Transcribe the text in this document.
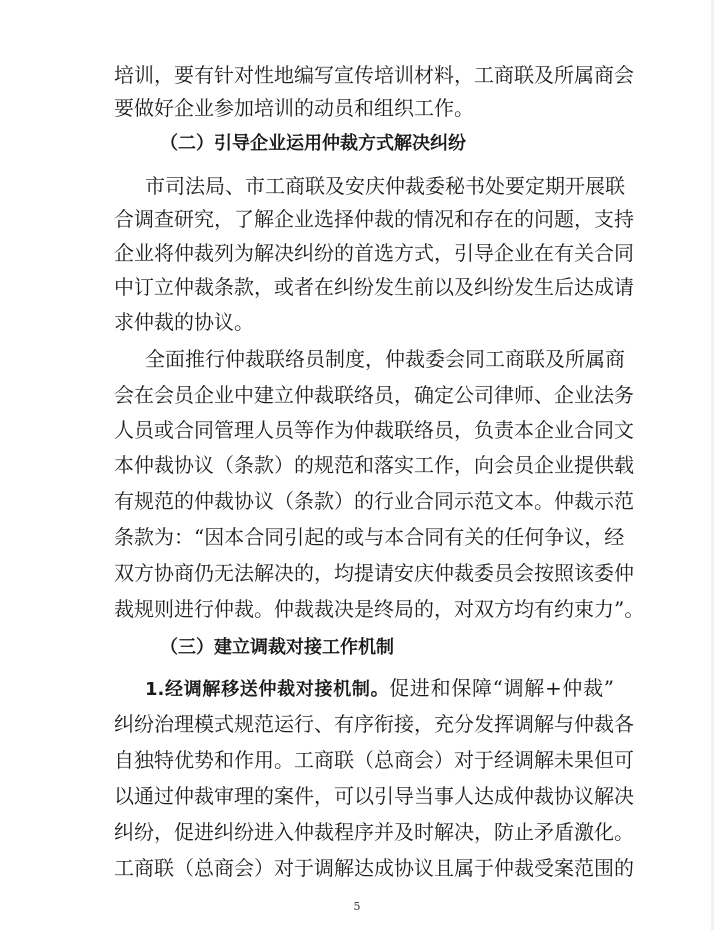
培训，要有针对性地编写宣传培训材料，工商联及所属商会
要做好企业参加培训的动员和组织工作。
（二）引导企业运用仲裁方式解决纠纷
市司法局、市工商联及安庆仲裁委秘书处要定期开展联
合调查研究，了解企业选择仲裁的情况和存在的问题，支持
企业将仲裁列为解决纠纷的首选方式，引导企业在有关合同
中订立仲裁条款，或者在纠纷发生前以及纠纷发生后达成请
求仲裁的协议。
全面推行仲裁联络员制度，仲裁委会同工商联及所属商
会在会员企业中建立仲裁联络员，确定公司律师、企业法务
人员或合同管理人员等作为仲裁联络员，负责本企业合同文
本仲裁协议（条款）的规范和落实工作，向会员企业提供载
有规范的仲裁协议（条款）的行业合同示范文本。仲裁示范
条款为：“因本合同引起的或与本合同有关的任何争议，经
双方协商仍无法解决的，均提请安庆仲裁委员会按照该委仲
裁规则进行仲裁。仲裁裁决是终局的，对双方均有约束力”。
（三）建立调裁对接工作机制
1.经调解移送仲裁对接机制。促进和保障“调解+仲裁”
纠纷治理模式规范运行、有序衔接，充分发挥调解与仲裁各
自独特优势和作用。工商联（总商会）对于经调解未果但可
以通过仲裁审理的案件，可以引导当事人达成仲裁协议解决
纠纷，促进纠纷进入仲裁程序并及时解决，防止矛盾激化。
工商联（总商会）对于调解达成协议且属于仲裁受案范围的
5
